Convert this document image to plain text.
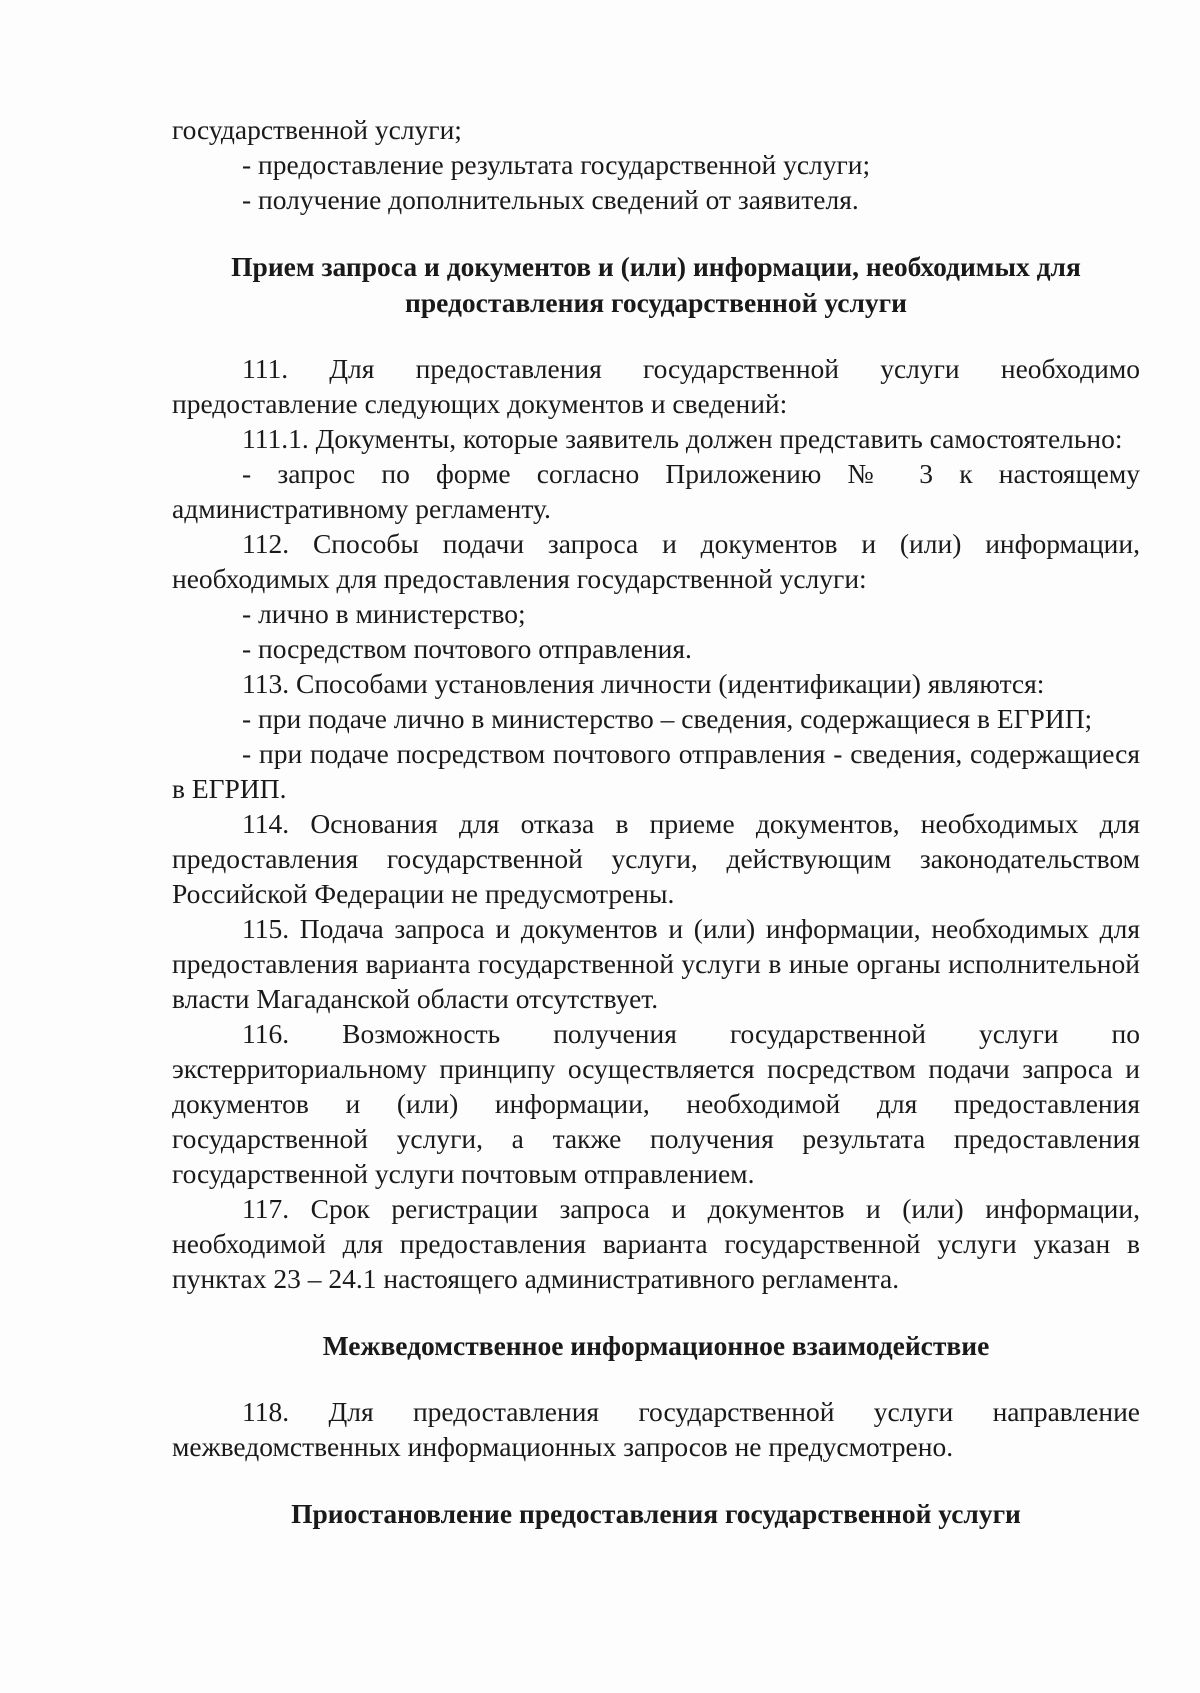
государственной услуги;

- предоставление результата государственной услуги;

- получение дополнительных сведений от заявителя.

Прием запроса и документов и (или) информации, необходимых для предоставления государственной услуги

111. Для предоставления государственной услуги необходимо предоставление следующих документов и сведений:

111.1. Документы, которые заявитель должен представить самостоятельно:

- запрос по форме согласно Приложению № 3 к настоящему административному регламенту.

112. Способы подачи запроса и документов и (или) информации, необходимых для предоставления государственной услуги:

- лично в министерство;

- посредством почтового отправления.

113. Способами установления личности (идентификации) являются:

- при подаче лично в министерство – сведения, содержащиеся в ЕГРИП;

- при подаче посредством почтового отправления - сведения, содержащиеся в ЕГРИП.

114. Основания для отказа в приеме документов, необходимых для предоставления государственной услуги, действующим законодательством Российской Федерации не предусмотрены.

115. Подача запроса и документов и (или) информации, необходимых для предоставления варианта государственной услуги в иные органы исполнительной власти Магаданской области отсутствует.

116. Возможность получения государственной услуги по экстерриториальному принципу осуществляется посредством подачи запроса и документов и (или) информации, необходимой для предоставления государственной услуги, а также получения результата предоставления государственной услуги почтовым отправлением.

117. Срок регистрации запроса и документов и (или) информации, необходимой для предоставления варианта государственной услуги указан в пунктах 23 – 24.1 настоящего административного регламента.

Межведомственное информационное взаимодействие

118. Для предоставления государственной услуги направление межведомственных информационных запросов не предусмотрено.

Приостановление предоставления государственной услуги
